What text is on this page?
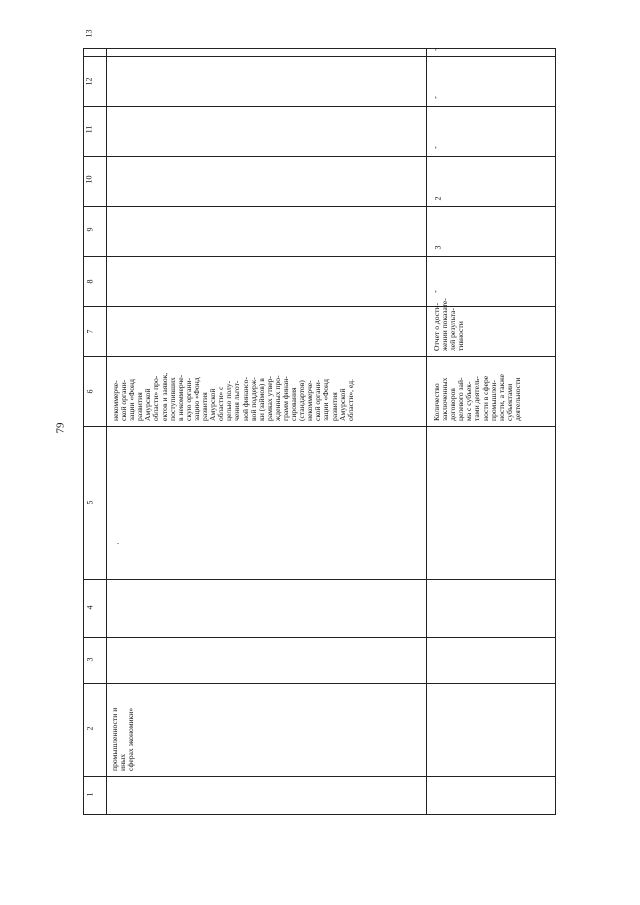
79
1
2
3
4
5
6
7
8
9
10
11
12
13
промышленности и
иных
сферах экономики»
.
некоммерче-
ской органи-
зации «Фонд
развития
Амурской
области» про-
ектов и заявок,
поступивших
в некоммерче-
скую органи-
зацию «Фонд
развития
Амурской
области» с
целью полу-
чения льгот-
ной финансо-
вой поддерж-
ки (займов) в
рамках утвер-
жденных про-
грамм финан-
сирования
(стандартов)
некоммерче-
ской органи-
зации «Фонд
развития
Амурской
области», ед.	Количество
заключенных
договоров
целевого зай-
ма с субъек-
тами деятель-
ности в сфере
промышлен-
ности, а также
субъектами
деятельности
Отчет о дости-
жении показате-
лей результа-
тивности
-
3
2
-
-
-
